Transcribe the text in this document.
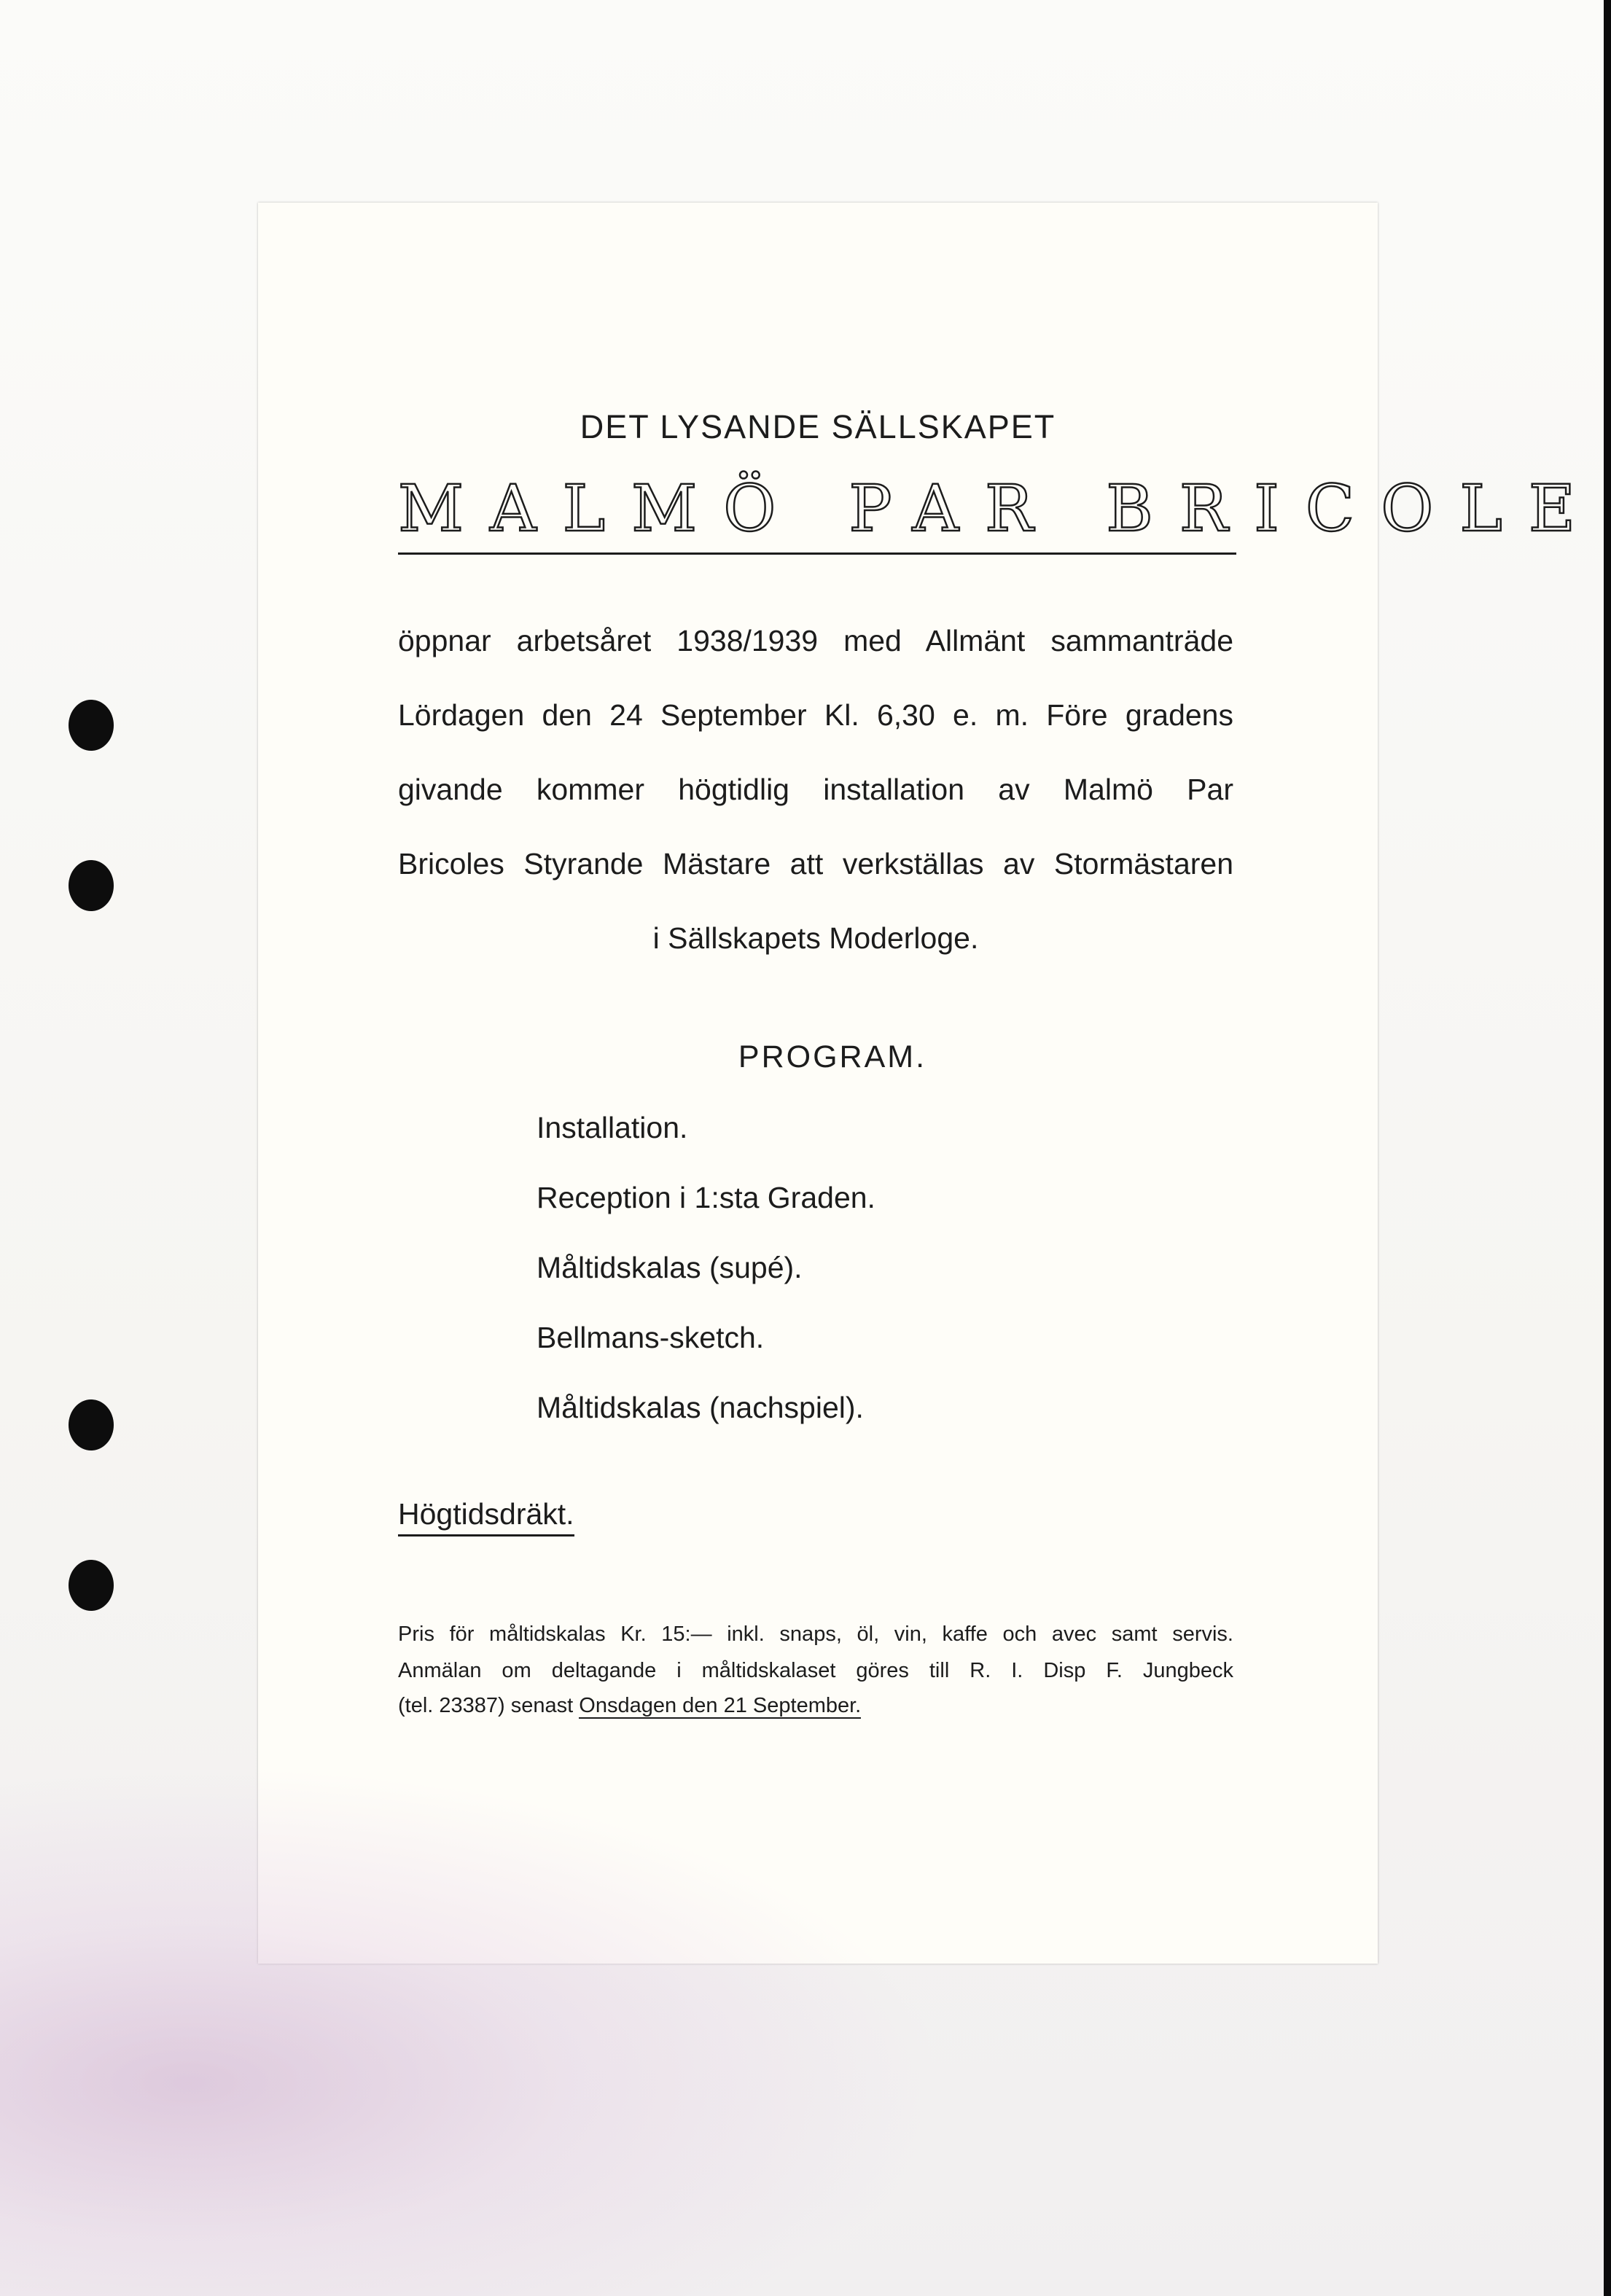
DET LYSANDE SÄLLSKAPET
MALMÖ PAR BRICOLE
öppnar arbetsåret 1938/1939 med Allmänt sammanträde
Lördagen den 24 September Kl. 6,30 e. m. Före gradens
givande kommer högtidlig installation av Malmö Par
Bricoles Styrande Mästare att verkställas av Stormästaren
i Sällskapets Moderloge.
PROGRAM.
Installation.
Reception i 1:sta Graden.
Måltidskalas (supé).
Bellmans-sketch.
Måltidskalas (nachspiel).
Högtidsdräkt.
Pris för måltidskalas Kr. 15:— inkl. snaps, öl, vin, kaffe och avec samt servis.
Anmälan om deltagande i måltidskalaset göres till R. I. Disp F. Jungbeck
(tel. 23387) senast Onsdagen den 21 September.
